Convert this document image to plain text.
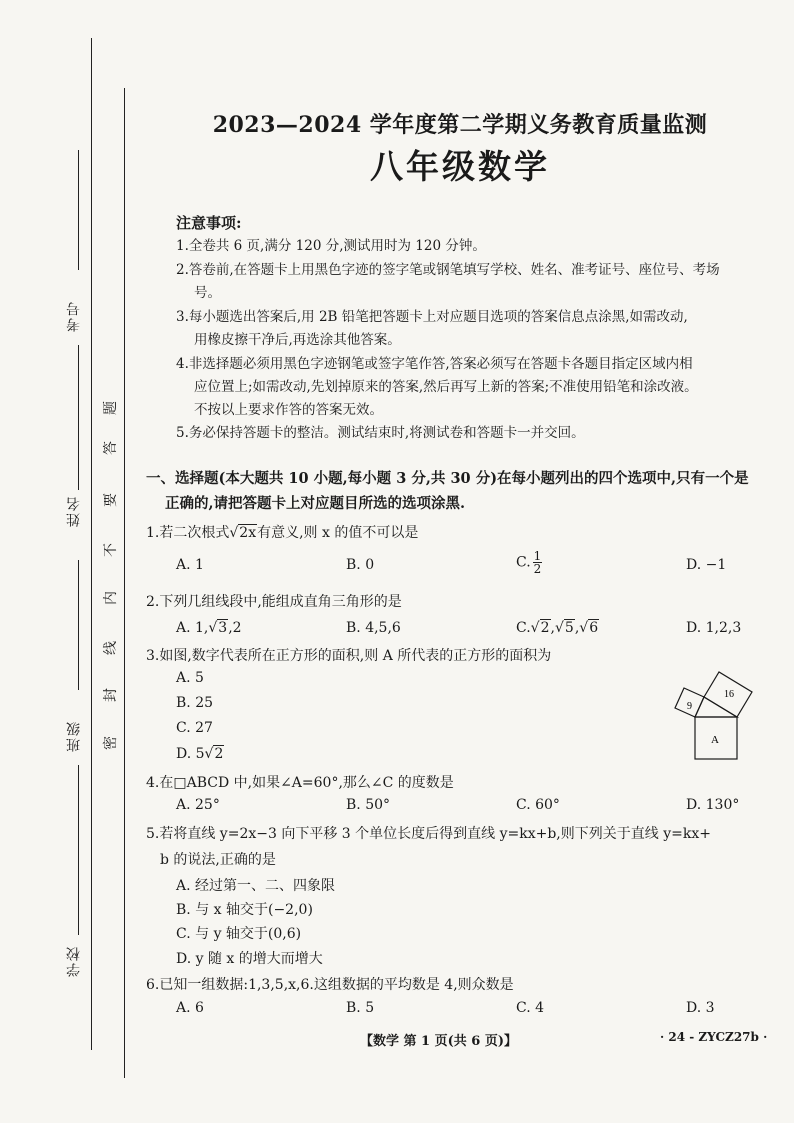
考号
姓名
班级
学校
题
答
要
不
内
线
封
密
2023—2024 学年度第二学期义务教育质量监测
八年级数学
注意事项:
1.全卷共 6 页,满分 120 分,测试用时为 120 分钟。
2.答卷前,在答题卡上用黑色字迹的签字笔或钢笔填写学校、姓名、准考证号、座位号、考场
号。
3.每小题选出答案后,用 2B 铅笔把答题卡上对应题目选项的答案信息点涂黑,如需改动,
用橡皮擦干净后,再选涂其他答案。
4.非选择题必须用黑色字迹钢笔或签字笔作答,答案必须写在答题卡各题目指定区域内相
应位置上;如需改动,先划掉原来的答案,然后再写上新的答案;不准使用铅笔和涂改液。
不按以上要求作答的答案无效。
5.务必保持答题卡的整洁。测试结束时,将测试卷和答题卡一并交回。
一、选择题(本大题共 10 小题,每小题 3 分,共 30 分)在每小题列出的四个选项中,只有一个是
正确的,请把答题卡上对应题目所选的选项涂黑.
1.若二次根式√2x有意义,则 x 的值不可以是
A. 1	B. 0	C. $\frac{1}{2}$	D. −1
2.下列几组线段中,能组成直角三角形的是
A. 1,√3,2	B. 4,5,6	C.√2,√5,√6	D. 1,2,3
3.如图,数字代表所在正方形的面积,则 A 所代表的正方形的面积为
A. 5
B. 25
C. 27
D. 5√2
9
16
A
4.在□ABCD 中,如果∠A=60°,那么∠C 的度数是
A. 25°	B. 50°	C. 60°	D. 130°
5.若将直线 y=2x−3 向下平移 3 个单位长度后得到直线 y=kx+b,则下列关于直线 y=kx+
b 的说法,正确的是
A. 经过第一、二、四象限
B. 与 x 轴交于(−2,0)
C. 与 y 轴交于(0,6)
D. y 随 x 的增大而增大
6.已知一组数据:1,3,5,x,6.这组数据的平均数是 4,则众数是
A. 6	B. 5	C. 4	D. 3
【数学 第 1 页(共 6 页)】	· 24 - ZYCZ27b ·
